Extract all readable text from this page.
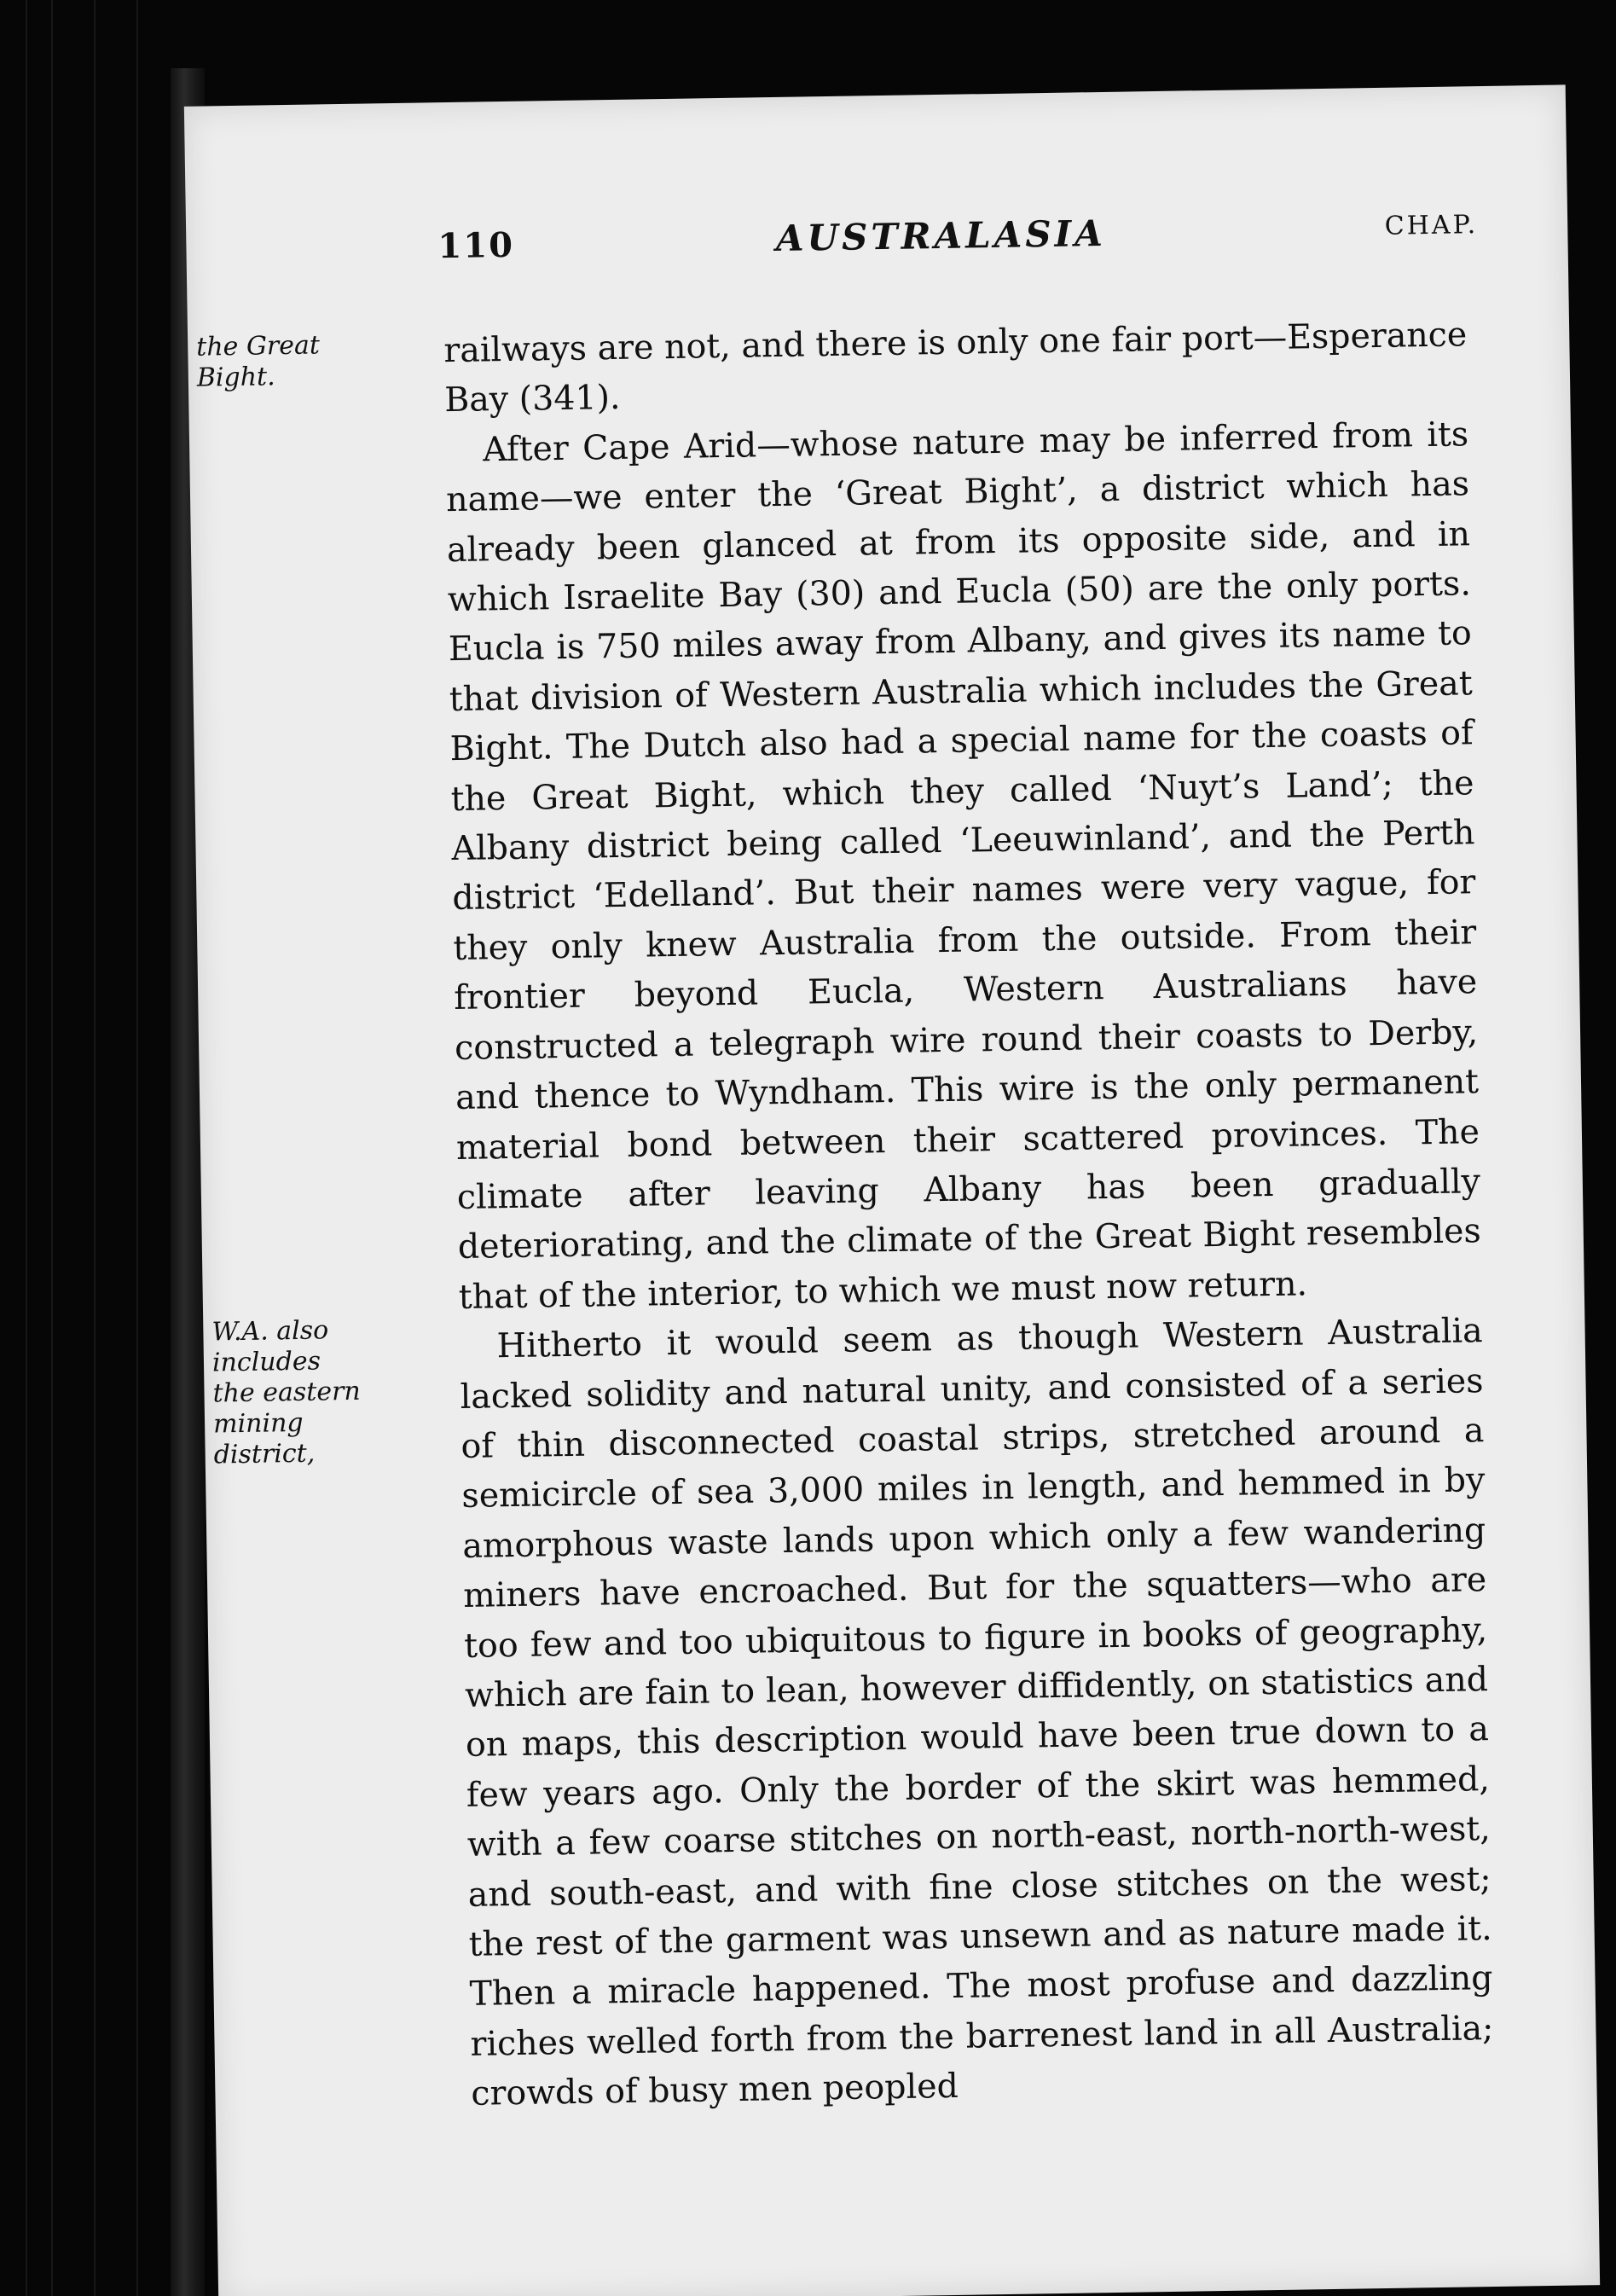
110	AUSTRALASIA	CHAP.
the Great
Bight.
W.A. also
includes
the eastern
mining
district,

railways are not, and there is only one fair port—Esperance Bay (341).

After Cape Arid—whose nature may be inferred from its name—we enter the ‘Great Bight’, a district which has already been glanced at from its opposite side, and in which Israelite Bay (30) and Eucla (50) are the only ports. Eucla is 750 miles away from Albany, and gives its name to that division of Western Australia which includes the Great Bight. The Dutch also had a special name for the coasts of the Great Bight, which they called ‘Nuyt’s Land’; the Albany district being called ‘Leeuwinland’, and the Perth district ‘Edelland’. But their names were very vague, for they only knew Australia from the outside. From their frontier beyond Eucla, Western Australians have constructed a telegraph wire round their coasts to Derby, and thence to Wyndham. This wire is the only permanent material bond between their scattered provinces. The climate after leaving Albany has been gradually deteriorating, and the climate of the Great Bight resembles that of the interior, to which we must now return.

Hitherto it would seem as though Western Australia lacked solidity and natural unity, and consisted of a series of thin disconnected coastal strips, stretched around a semicircle of sea 3,000 miles in length, and hemmed in by amorphous waste lands upon which only a few wandering miners have encroached. But for the squatters—who are too few and too ubiquitous to figure in books of geography, which are fain to lean, however diffidently, on statistics and on maps, this description would have been true down to a few years ago. Only the border of the skirt was hemmed, with a few coarse stitches on north-east, north-north-west, and south-east, and with fine close stitches on the west; the rest of the garment was unsewn and as nature made it. Then a miracle happened. The most profuse and dazzling riches welled forth from the barrenest land in all Australia; crowds of busy men peopled
